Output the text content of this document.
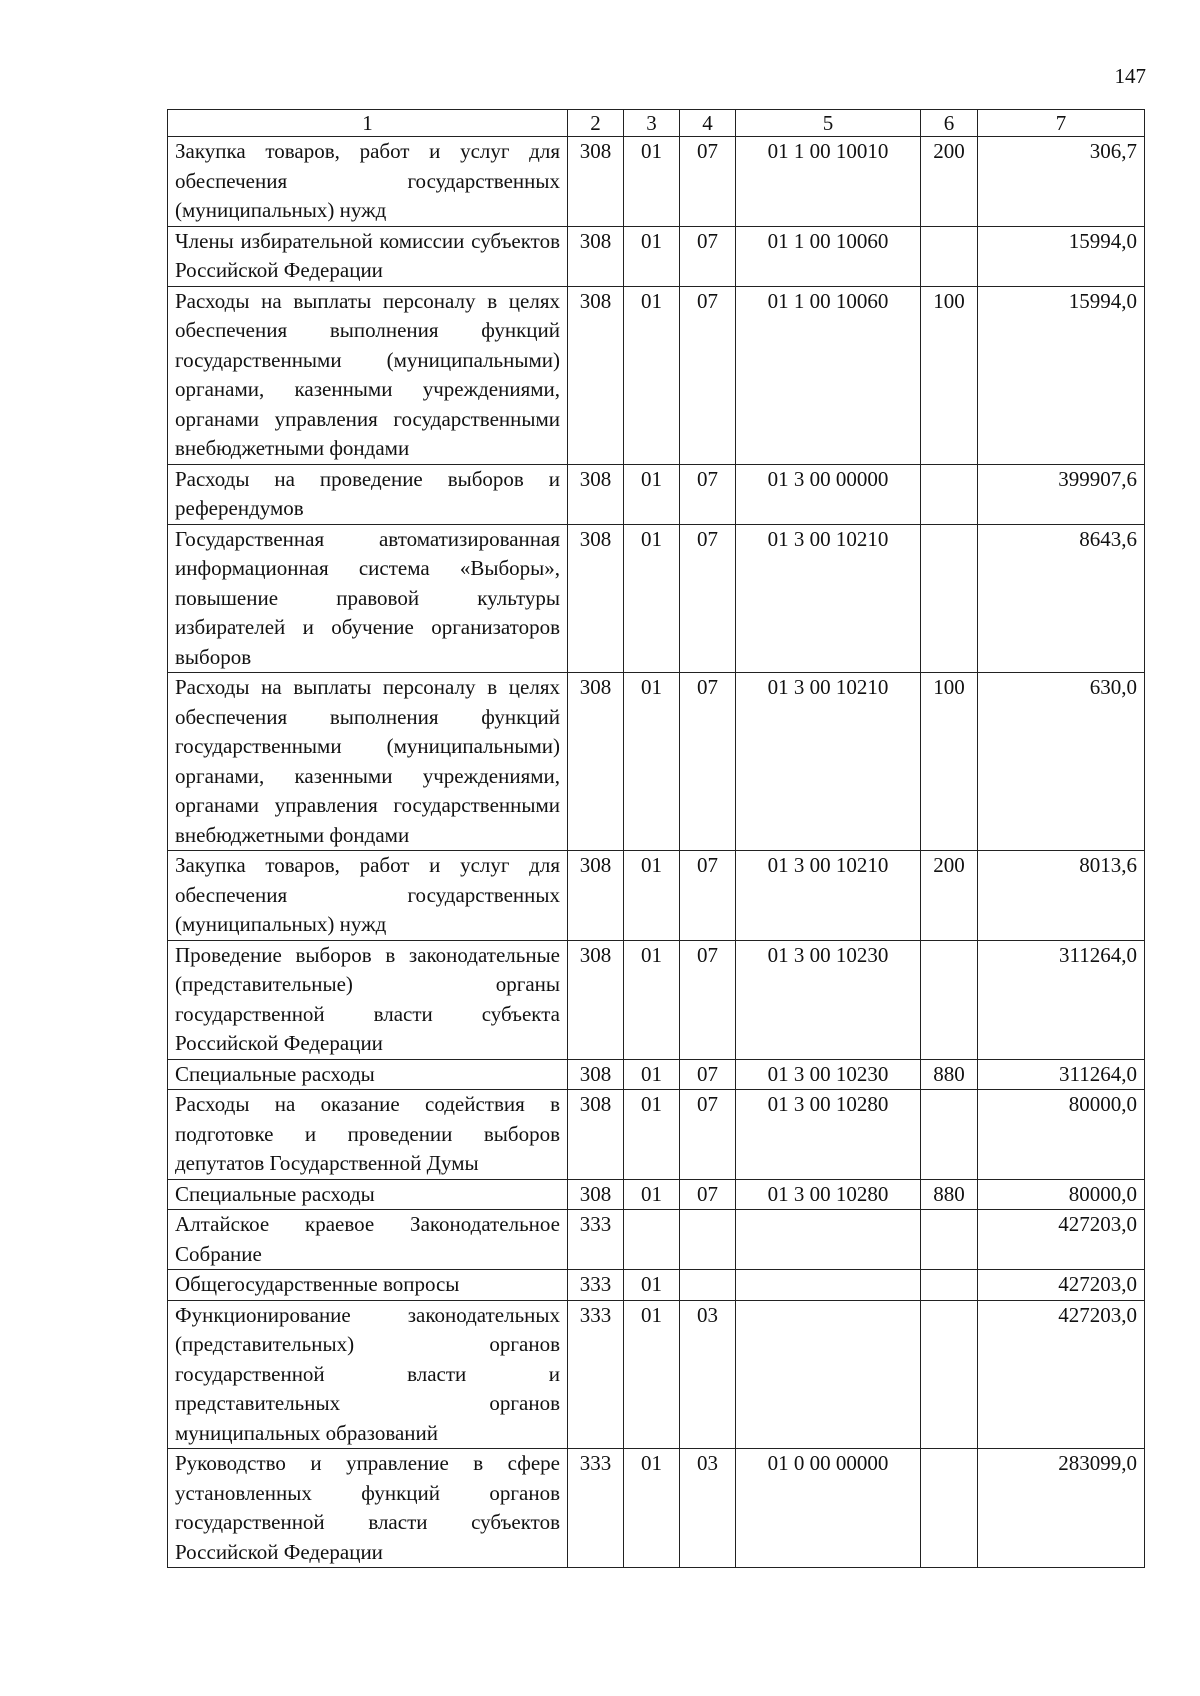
147
1	2	3	4	5	6	7
Закупка товаров, работ и услуг для обеспечения государственных (муниципальных) нужд	308	01	07	01 1 00 10010	200	306,7
Члены избирательной комиссии субъектов Российской Федерации	308	01	07	01 1 00 10060		15994,0
Расходы на выплаты персоналу в целях обеспечения выполнения функций государственными (муниципальными) органами, казенными учреждениями, органами управления государственными внебюджетными фондами	308	01	07	01 1 00 10060	100	15994,0
Расходы на проведение выборов и референдумов	308	01	07	01 3 00 00000		399907,6
Государственная автоматизированная информационная система «Выборы», повышение правовой культуры избирателей и обучение организаторов выборов	308	01	07	01 3 00 10210		8643,6
Расходы на выплаты персоналу в целях обеспечения выполнения функций государственными (муниципальными) органами, казенными учреждениями, органами управления государственными внебюджетными фондами	308	01	07	01 3 00 10210	100	630,0
Закупка товаров, работ и услуг для обеспечения государственных (муниципальных) нужд	308	01	07	01 3 00 10210	200	8013,6
Проведение выборов в законодательные (представительные) органы государственной власти субъекта Российской Федерации	308	01	07	01 3 00 10230		311264,0
Специальные расходы	308	01	07	01 3 00 10230	880	311264,0
Расходы на оказание содействия в подготовке и проведении выборов депутатов Государственной Думы	308	01	07	01 3 00 10280		80000,0
Специальные расходы	308	01	07	01 3 00 10280	880	80000,0
Алтайское краевое Законодательное Собрание	333					427203,0
Общегосударственные вопросы	333	01				427203,0
Функционирование законодательных (представительных) органов государственной власти и представительных органов муниципальных образований	333	01	03			427203,0
Руководство и управление в сфере установленных функций органов государственной власти субъектов Российской Федерации	333	01	03	01 0 00 00000		283099,0
